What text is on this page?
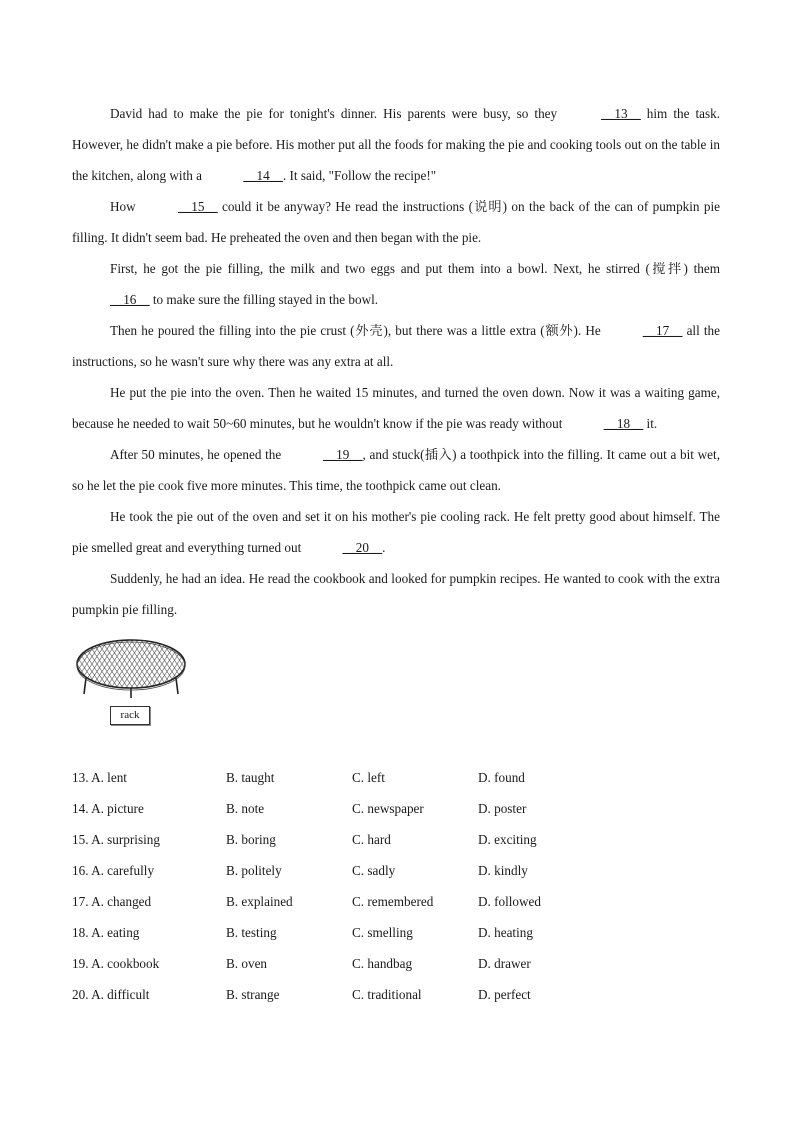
David had to make the pie for tonight's dinner. His parents were busy, so they	__13__ him the task. However, he didn't make a pie before. His mother put all the foods for making the pie and cooking tools out on the table in the kitchen, along with a	__14__. It said, "Follow the recipe!"

How	__15__ could it be anyway? He read the instructions (说明) on the back of the can of pumpkin pie filling. It didn't seem bad. He preheated the oven and then began with the pie.

First, he got the pie filling, the milk and two eggs and put them into a bowl. Next, he stirred (搅拌) them __16__ to make sure the filling stayed in the bowl.

Then he poured the filling into the pie crust (外壳), but there was a little extra (额外). He	__17__ all the instructions, so he wasn't sure why there was any extra at all.

He put the pie into the oven. Then he waited 15 minutes, and turned the oven down. Now it was a waiting game, because he needed to wait 50~60 minutes, but he wouldn't know if the pie was ready without	__18__ it.

After 50 minutes, he opened the	__19__, and stuck(插入) a toothpick into the filling. It came out a bit wet, so he let the pie cook five more minutes. This time, the toothpick came out clean.

He took the pie out of the oven and set it on his mother's pie cooling rack. He felt pretty good about himself. The pie smelled great and everything turned out	__20__.

Suddenly, he had an idea. He read the cookbook and looked for pumpkin recipes. He wanted to cook with the extra pumpkin pie filling.

rack
13. A. lent	B. taught	C. left	D. found
14. A. picture	B. note	C. newspaper	D. poster
15. A. surprising	B. boring	C. hard	D. exciting
16. A. carefully	B. politely	C. sadly	D. kindly
17. A. changed	B. explained	C. remembered	D. followed
18. A. eating	B. testing	C. smelling	D. heating
19. A. cookbook	B. oven	C. handbag	D. drawer
20. A. difficult	B. strange	C. traditional	D. perfect
